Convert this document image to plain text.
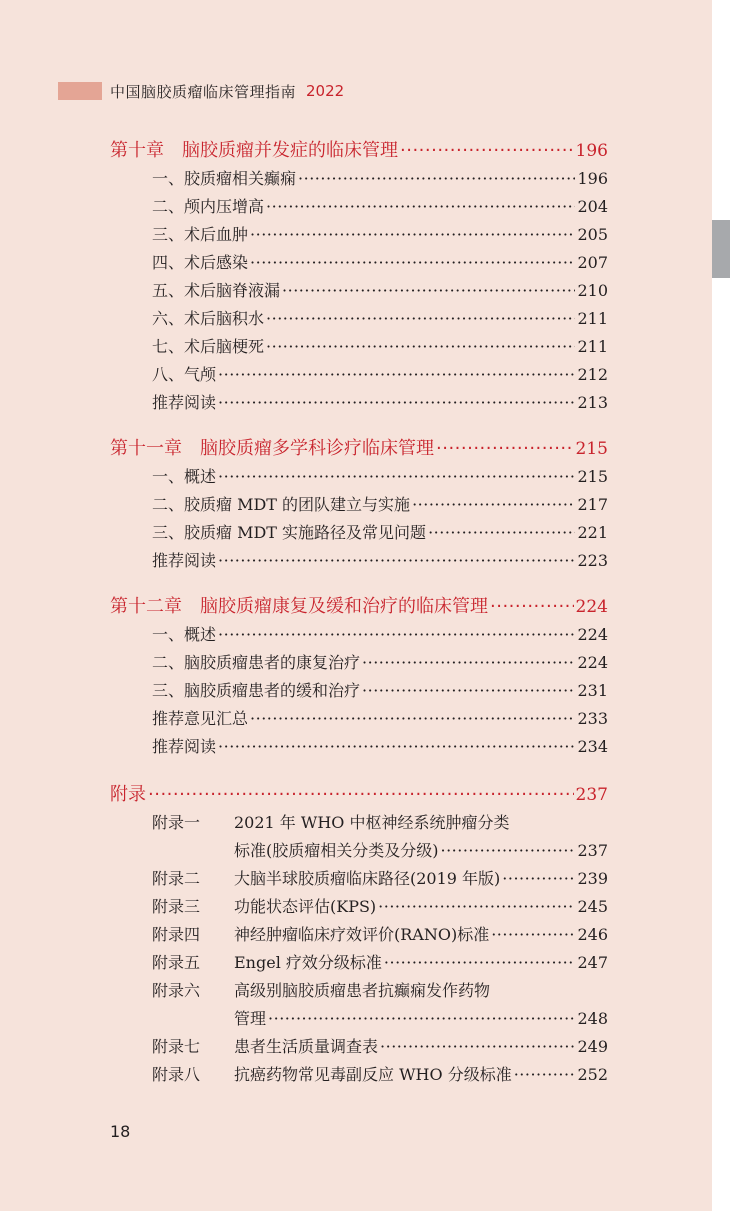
中国脑胶质瘤临床管理指南 2022
第十章　脑胶质瘤并发症的临床管理 ·····	196
一、胶质瘤相关癫痫 ·····	196
二、颅内压增高 ·····	204
三、术后血肿 ·····	205
四、术后感染 ·····	207
五、术后脑脊液漏 ·····	210
六、术后脑积水 ·····	211
七、术后脑梗死 ·····	211
八、气颅 ·····	212
推荐阅读 ·····	213
第十一章　脑胶质瘤多学科诊疗临床管理 ·····	215
一、概述 ·····	215
二、胶质瘤 MDT 的团队建立与实施 ·····	217
三、胶质瘤 MDT 实施路径及常见问题 ·····	221
推荐阅读 ·····	223
第十二章　脑胶质瘤康复及缓和治疗的临床管理 ·····	224
一、概述 ·····	224
二、脑胶质瘤患者的康复治疗 ·····	224
三、脑胶质瘤患者的缓和治疗 ·····	231
推荐意见汇总 ·····	233
推荐阅读 ·····	234
附录 ·····	237
附录一 2021 年 WHO 中枢神经系统肿瘤分类
标准(胶质瘤相关分类及分级) ·····	237
附录二 大脑半球胶质瘤临床路径(2019 年版) ·····	239
附录三 功能状态评估(KPS) ·····	245
附录四 神经肿瘤临床疗效评价(RANO)标准 ·····	246
附录五 Engel 疗效分级标准 ·····	247
附录六 高级别脑胶质瘤患者抗癫痫发作药物
管理 ·····	248
附录七 患者生活质量调查表 ·····	249
附录八 抗癌药物常见毒副反应 WHO 分级标准 ·····	252
18
